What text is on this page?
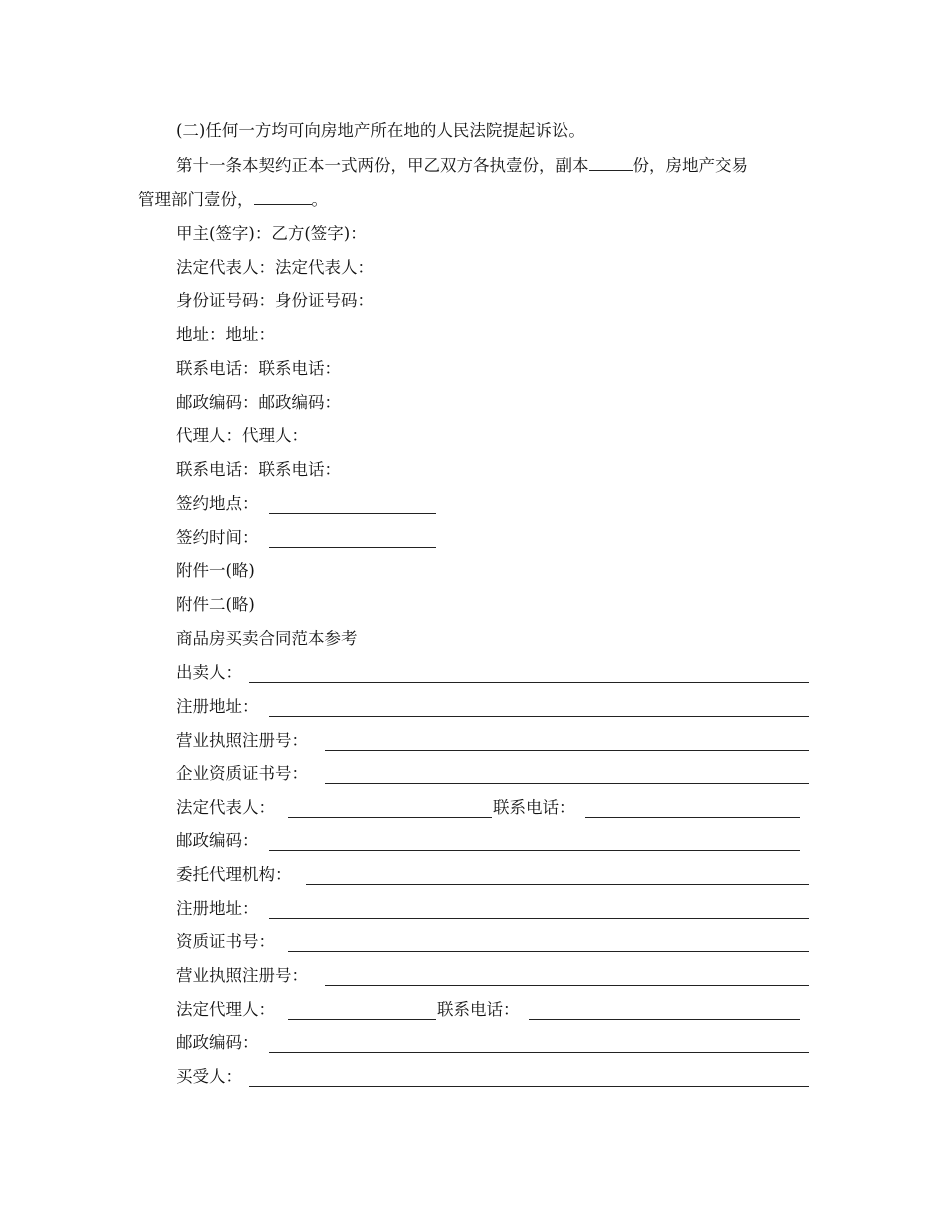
(二)任何一方均可向房地产所在地的人民法院提起诉讼。
第十一条本契约正本一式两份，甲乙双方各执壹份，副本	份，房地产交易
管理部门壹份，	。
甲主(签字)：乙方(签字)：
法定代表人：法定代表人：
身份证号码：身份证号码：
地址：地址：
联系电话：联系电话：
邮政编码：邮政编码：
代理人：代理人：
联系电话：联系电话：
签约地点：
签约时间：
附件一(略)
附件二(略)
商品房买卖合同范本参考
出卖人：
注册地址：
营业执照注册号：
企业资质证书号：
法定代表人：	联系电话：
邮政编码：
委托代理机构：
注册地址：
资质证书号：
营业执照注册号：
法定代理人：	联系电话：
邮政编码：
买受人：
